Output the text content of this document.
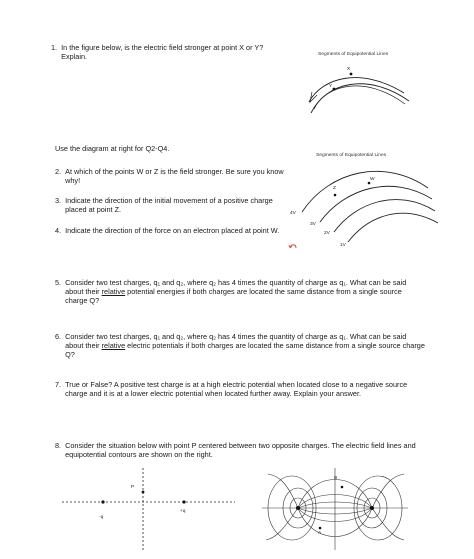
1. In the figure below, is the electric field stronger at point X or Y? Explain.	Segments of Equipotential Lines
X
Y
Use the diagram at right for Q2-Q4.
2. At which of the points W or Z is the field stronger. Be sure you know why!
3. Indicate the direction of the initial movement of a positive charge placed at point Z.
4. Indicate the direction of the force on an electron placed at point W.
Segments of Equipotential Lines
4V
3V
2V
1V
Z
W
5. Consider two test charges, q₁ and q₂, where q₂ has 4 times the quantity of charge as q₁. What can be said about their relative potential energies if both charges are located the same distance from a single source charge Q?
6. Consider two test charges, q₁ and q₂, where q₂ has 4 times the quantity of charge as q₁. What can be said about their relative electric potentials if both charges are located the same distance from a single source charge Q?
7. True or False? A positive test charge is at a high electric potential when located close to a negative source charge and it is at a lower electric potential when located further away. Explain your answer.
8. Consider the situation below with point P centered between two opposite charges. The electric field lines and equipotential contours are shown on the right.
P
-q
+q
B
A
